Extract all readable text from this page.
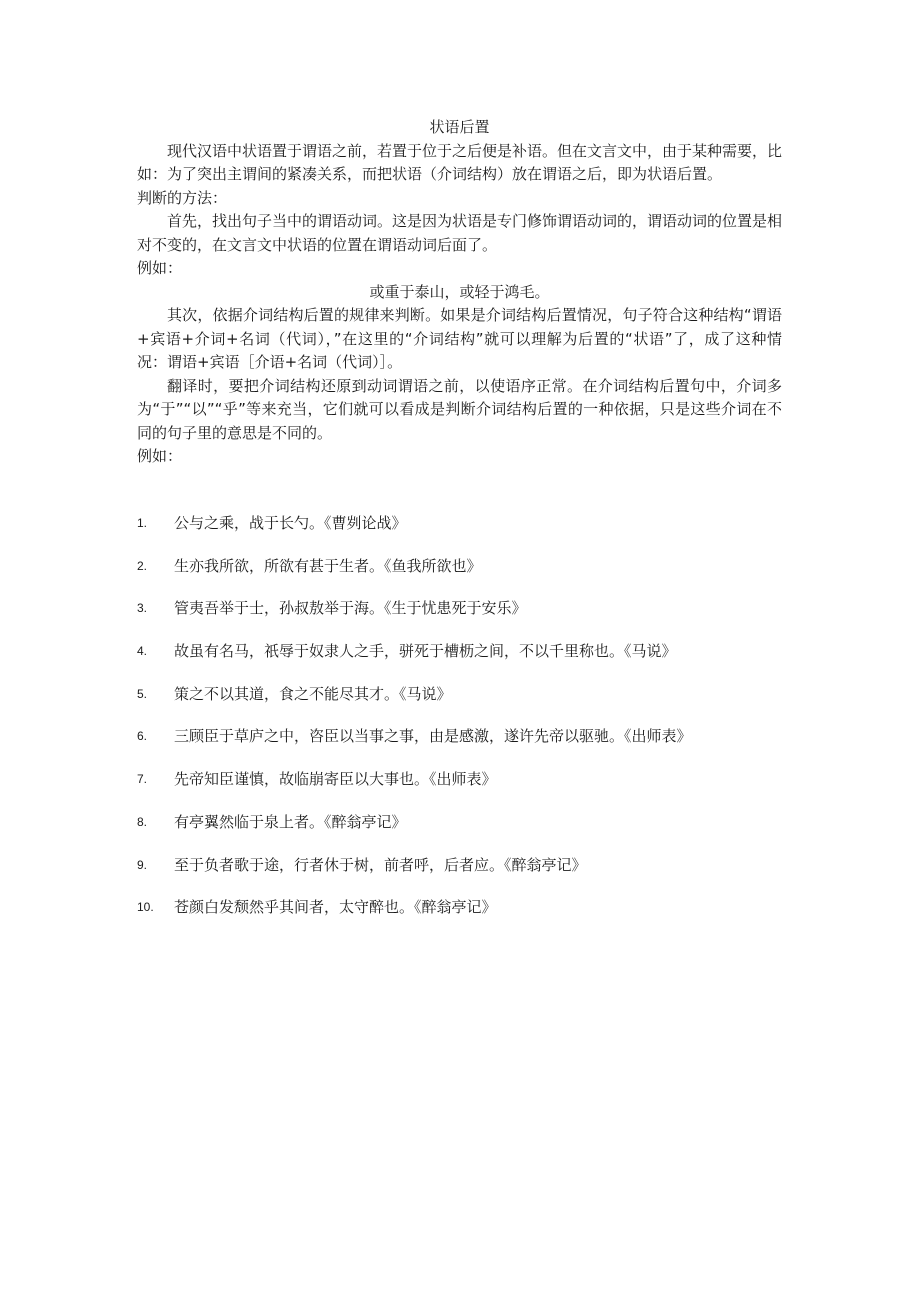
状语后置

现代汉语中状语置于谓语之前，若置于位于之后便是补语。但在文言文中，由于某种需要，比如：为了突出主谓间的紧凑关系，而把状语（介词结构）放在谓语之后，即为状语后置。

判断的方法：

首先，找出句子当中的谓语动词。这是因为状语是专门修饰谓语动词的，谓语动词的位置是相对不变的，在文言文中状语的位置在谓语动词后面了。

例如：

或重于泰山，或轻于鸿毛。

其次，依据介词结构后置的规律来判断。如果是介词结构后置情况，句子符合这种结构“谓语+宾语+介词+名词（代词），”在这里的“介词结构”就可以理解为后置的“状语”了，成了这种情况：谓语+宾语［介语+名词（代词）］。

翻译时，要把介词结构还原到动词谓语之前，以使语序正常。在介词结构后置句中，介词多为“于”“以”“乎”等来充当，它们就可以看成是判断介词结构后置的一种依据，只是这些介词在不同的句子里的意思是不同的。

例如：

1. 公与之乘，战于长勺。《曹刿论战》
2. 生亦我所欲，所欲有甚于生者。《鱼我所欲也》
3. 管夷吾举于士，孙叔敖举于海。《生于忧患死于安乐》
4. 故虽有名马，祇辱于奴隶人之手，骈死于槽枥之间，不以千里称也。《马说》
5. 策之不以其道，食之不能尽其才。《马说》
6. 三顾臣于草庐之中，咨臣以当事之事，由是感激，遂许先帝以驱驰。《出师表》
7. 先帝知臣谨慎，故临崩寄臣以大事也。《出师表》
8. 有亭翼然临于泉上者。《醉翁亭记》
9. 至于负者歌于途，行者休于树，前者呼，后者应。《醉翁亭记》
10. 苍颜白发颓然乎其间者，太守醉也。《醉翁亭记》
